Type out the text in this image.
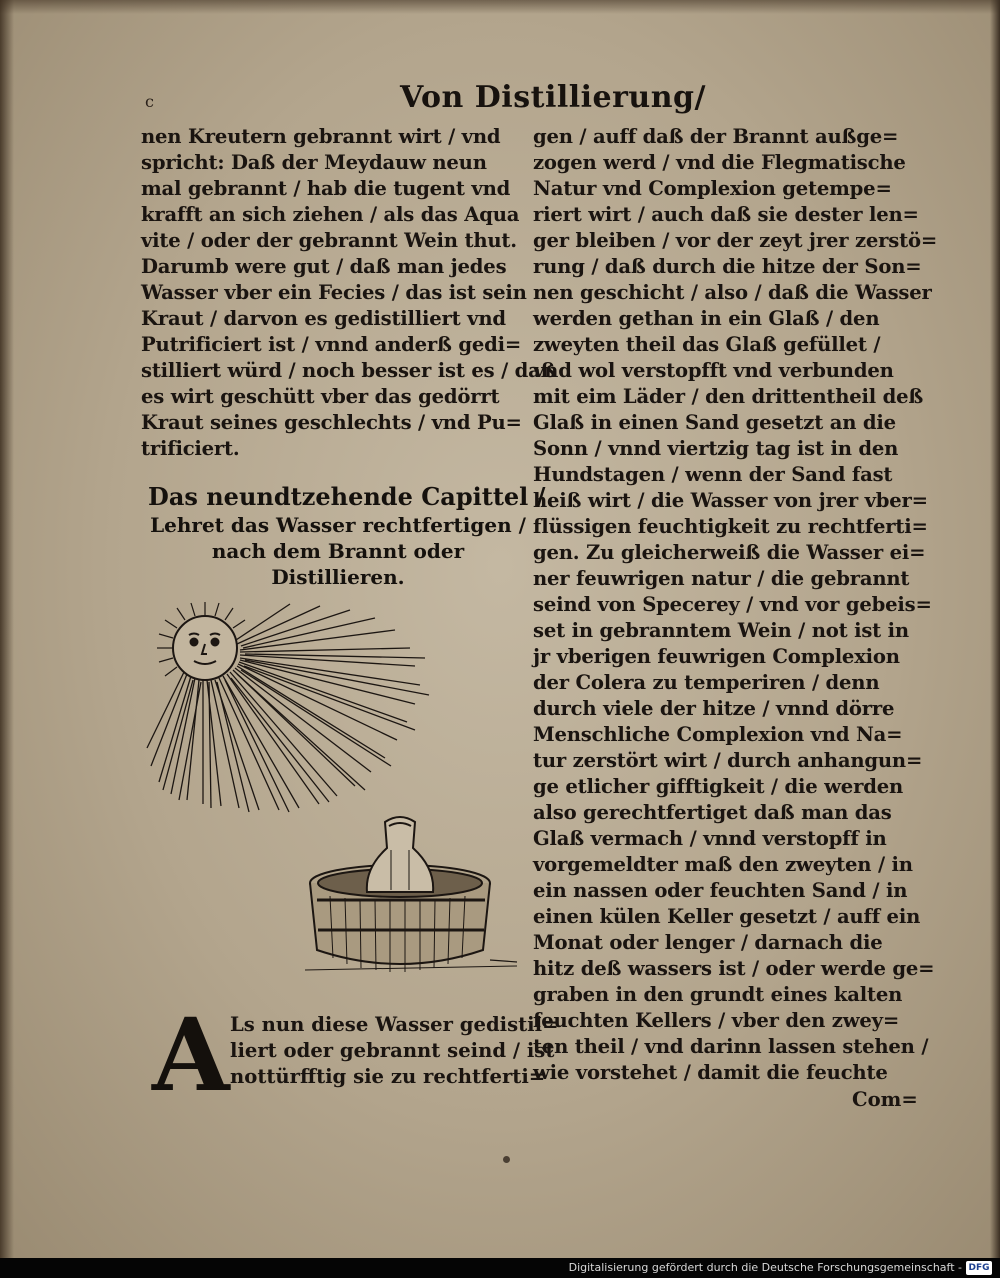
c	Von Distillierung/
nen Kreutern gebrannt wirt / vnd
spricht: Daß der Meydauw neun
mal gebrannt / hab die tugent vnd
krafft an sich ziehen / als das Aqua
vite / oder der gebrannt Wein thut.
Darumb were gut / daß man jedes
Wasser vber ein Fecies / das ist sein
Kraut / darvon es gedistilliert vnd
Putrificiert ist / vnnd anderß gedi=
stilliert würd / noch besser ist es / daß
es wirt geschütt vber das gedörrt
Kraut seines geschlechts / vnd Pu=
trificiert.
Das neundtzehende Capittel /
Lehret das Wasser rechtfertigen /
nach dem Brannt oder
Distillieren.
A Ls nun diese Wasser gedistil=
liert oder gebrannt seind / ist
nottürfftig sie zu rechtferti=
gen / auff daß der Brannt außge=
zogen werd / vnd die Flegmatische
Natur vnd Complexion getempe=
riert wirt / auch daß sie dester len=
ger bleiben / vor der zeyt jrer zerstö=
rung / daß durch die hitze der Son=
nen geschicht / also / daß die Wasser
werden gethan in ein Glaß / den
zweyten theil das Glaß gefüllet /
vnd wol verstopfft vnd verbunden
mit eim Läder / den drittentheil deß
Glaß in einen Sand gesetzt an die
Sonn / vnnd viertzig tag ist in den
Hundstagen / wenn der Sand fast
heiß wirt / die Wasser von jrer vber=
flüssigen feuchtigkeit zu rechtferti=
gen. Zu gleicherweiß die Wasser ei=
ner feuwrigen natur / die gebrannt
seind von Specerey / vnd vor gebeis=
set in gebranntem Wein / not ist in
jr vberigen feuwrigen Complexion
der Colera zu temperiren / denn
durch viele der hitze / vnnd dörre
Menschliche Complexion vnd Na=
tur zerstört wirt / durch anhangun=
ge etlicher gifftigkeit / die werden
also gerechtfertiget daß man das
Glaß vermach / vnnd verstopff in
vorgemeldter maß den zweyten / in
ein nassen oder feuchten Sand / in
einen külen Keller gesetzt / auff ein
Monat oder lenger / darnach die
hitz deß wassers ist / oder werde ge=
graben in den grundt eines kalten
feuchten Kellers / vber den zwey=
ten theil / vnd darinn lassen stehen /
wie vorstehet / damit die feuchte
Com=
Digitalisierung gefördert durch die Deutsche Forschungsgemeinschaft - DFG
